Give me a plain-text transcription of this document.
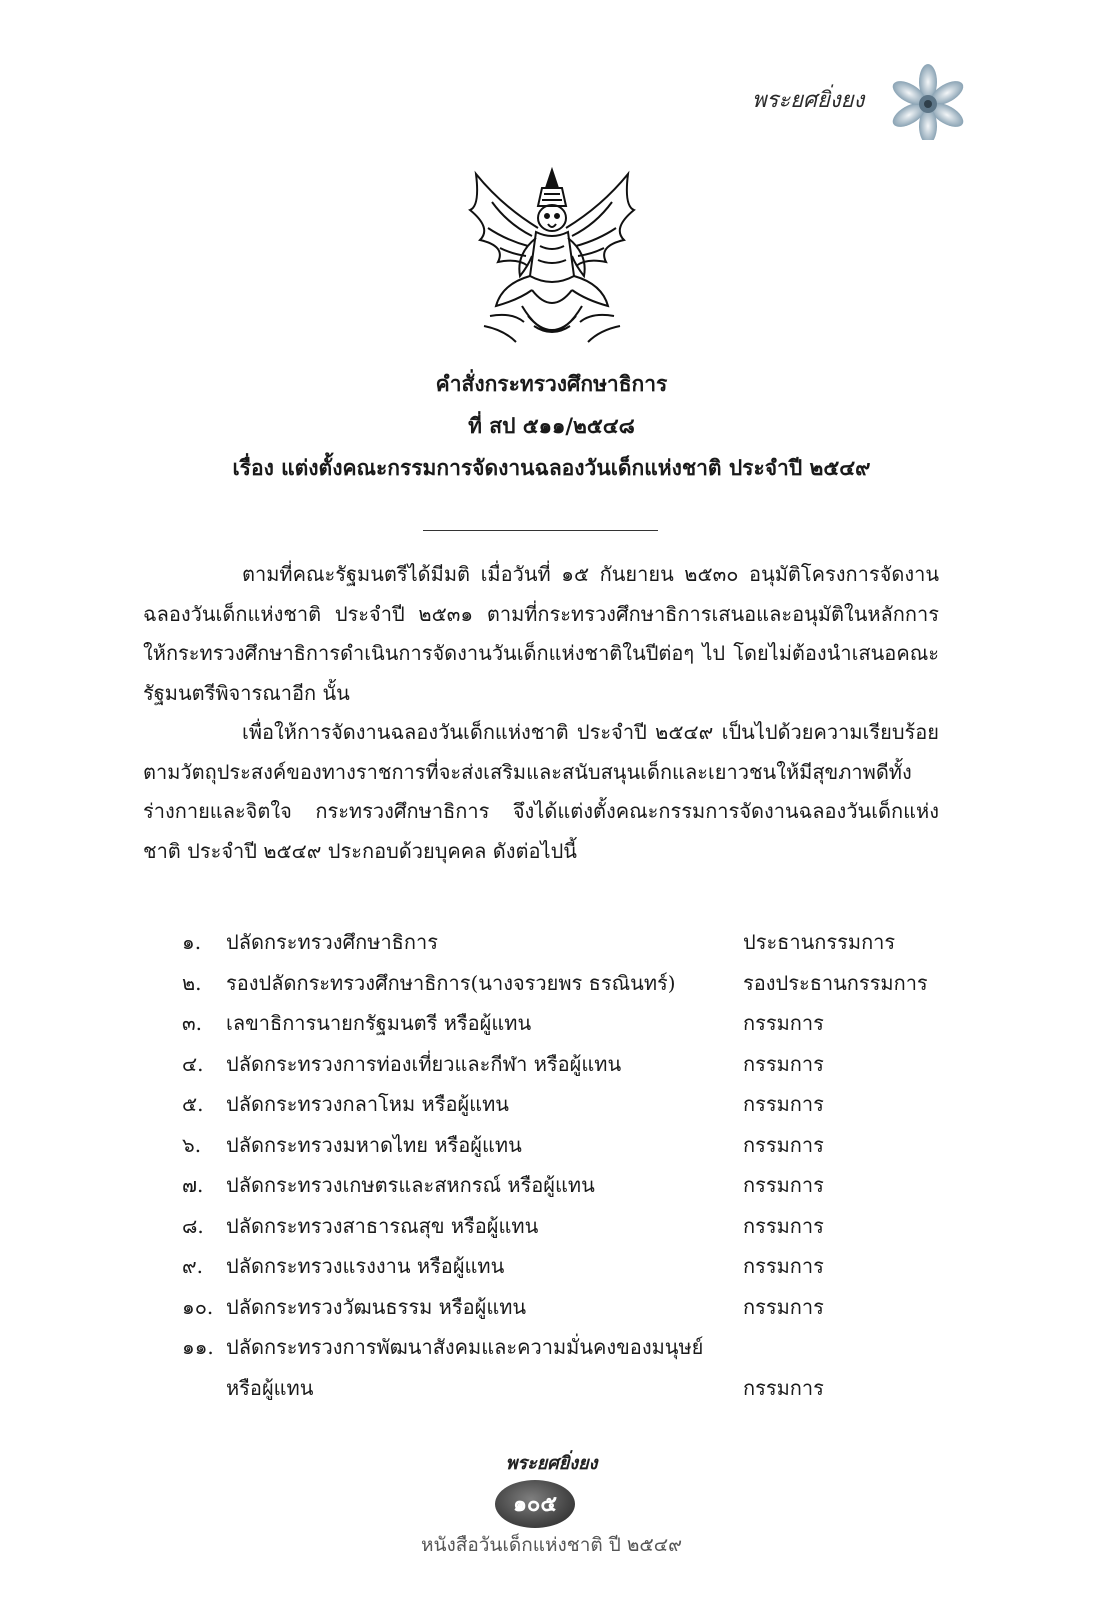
พระยศยิ่งยง
คำสั่งกระทรวงศึกษาธิการ
ที่ สป ๕๑๑/๒๕๔๘
เรื่อง แต่งตั้งคณะกรรมการจัดงานฉลองวันเด็กแห่งชาติ ประจำปี ๒๕๔๙
ตามที่คณะรัฐมนตรีได้มีมติ เมื่อวันที่ ๑๕ กันยายน ๒๕๓๐ อนุมัติโครงการจัดงานฉลองวันเด็กแห่งชาติ ประจำปี ๒๕๓๑ ตามที่กระทรวงศึกษาธิการเสนอและอนุมัติในหลักการให้กระทรวงศึกษาธิการดำเนินการจัดงานวันเด็กแห่งชาติในปีต่อๆ ไป โดยไม่ต้องนำเสนอคณะรัฐมนตรีพิจารณาอีก นั้น
เพื่อให้การจัดงานฉลองวันเด็กแห่งชาติ ประจำปี ๒๕๔๙ เป็นไปด้วยความเรียบร้อยตามวัตถุประสงค์ของทางราชการที่จะส่งเสริมและสนับสนุนเด็กและเยาวชนให้มีสุขภาพดีทั้งร่างกายและจิตใจ กระทรวงศึกษาธิการ จึงได้แต่งตั้งคณะกรรมการจัดงานฉลองวันเด็กแห่งชาติ ประจำปี ๒๕๔๙ ประกอบด้วยบุคคล ดังต่อไปนี้
๑.	ปลัดกระทรวงศึกษาธิการ	ประธานกรรมการ
๒.	รองปลัดกระทรวงศึกษาธิการ(นางจรวยพร ธรณินทร์)	รองประธานกรรมการ
๓.	เลขาธิการนายกรัฐมนตรี หรือผู้แทน	กรรมการ
๔.	ปลัดกระทรวงการท่องเที่ยวและกีฬา หรือผู้แทน	กรรมการ
๕.	ปลัดกระทรวงกลาโหม หรือผู้แทน	กรรมการ
๖.	ปลัดกระทรวงมหาดไทย หรือผู้แทน	กรรมการ
๗.	ปลัดกระทรวงเกษตรและสหกรณ์ หรือผู้แทน	กรรมการ
๘.	ปลัดกระทรวงสาธารณสุข หรือผู้แทน	กรรมการ
๙.	ปลัดกระทรวงแรงงาน หรือผู้แทน	กรรมการ
๑๐. ปลัดกระทรวงวัฒนธรรม หรือผู้แทน	กรรมการ
๑๑. ปลัดกระทรวงการพัฒนาสังคมและความมั่นคงของมนุษย์
หรือผู้แทน	กรรมการ
พระยศยิ่งยง
๑๐๕
หนังสือวันเด็กแห่งชาติ ปี ๒๕๔๙
